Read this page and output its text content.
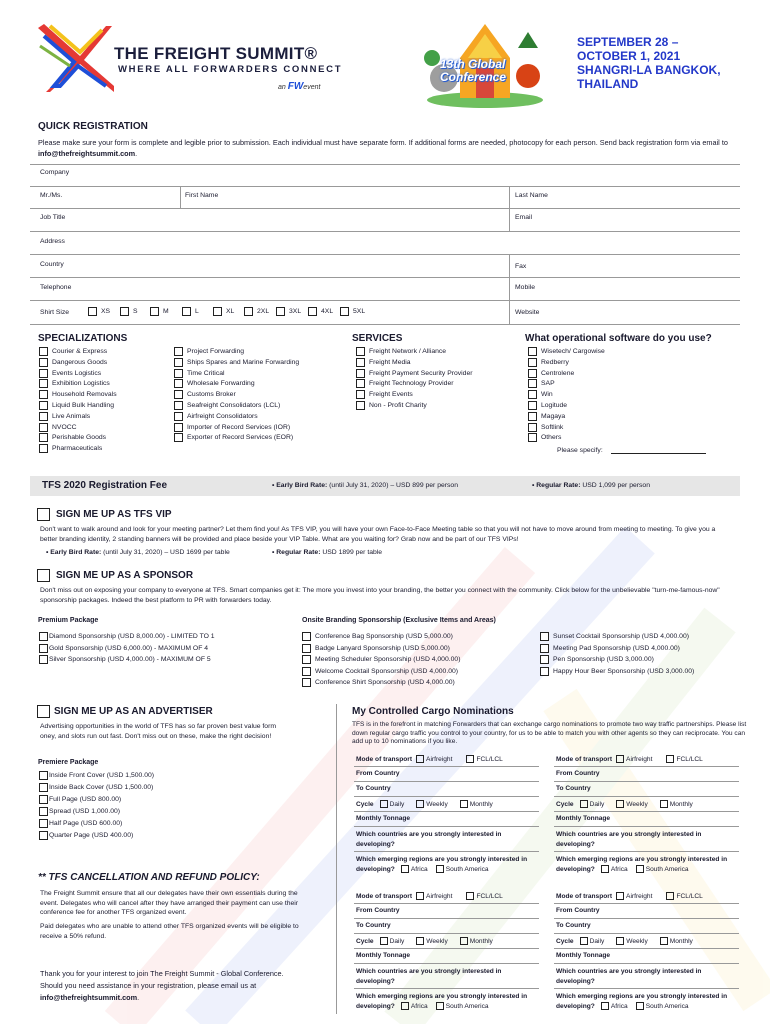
THE FREIGHT SUMMIT®
WHERE ALL FORWARDERS CONNECT
an FWevent
13th Global
Conference
SEPTEMBER 28 –
OCTOBER 1, 2021
SHANGRI-LA BANGKOK,
THAILAND
QUICK REGISTRATION
Please make sure your form is complete and legible prior to submission. Each individual must have separate form. If additional forms are needed, photocopy for each person. Send back registration form via email to info@thefreightsummit.com.
Company
Mr./Ms.	First Name	Last Name
Job Title	Email
Address
Country	Fax
Telephone	Mobile
Shirt Size	Website
XS	S	M	L	XL	2XL	3XL	4XL	5XL
SPECIALIZATIONS	SERVICES	What operational software do you use?
Courier & Express
Dangerous Goods
Events Logistics
Exhibition Logistics
Household Removals
Liquid Bulk Handling
Live Animals
NVOCC
Perishable Goods
Pharmaceuticals
Project Forwarding
Ships Spares and Marine Forwarding
Time Critical
Wholesale Forwarding
Customs Broker
Seafreight Consolidators (LCL)
Airfreight Consolidators
Importer of Record Services (IOR)
Exporter of Record Services (EOR)
Freight Network / Alliance
Freight Media
Freight Payment Security Provider
Freight Technology Provider
Freight Events
Non - Profit Charity
Wisetech/ Cargowise
Redberry
Centrolene
SAP
Win
Logitude
Magaya
Softlink
Others
Please specify:
TFS 2020 Registration Fee	• Early Bird Rate: (until July 31, 2020) – USD 899 per person	• Regular Rate: USD 1,099 per person
SIGN ME UP AS TFS VIP
Don't want to walk around and look for your meeting partner? Let them find you! As TFS VIP, you will have your own Face-to-Face Meeting table so that you will not have to move around from meeting to meeting. To give you a better branding identity, 2 standing banners will be provided and place beside your VIP Table. What are you waiting for? Grab now and be part of our TFS VIPs!
• Early Bird Rate: (until July 31, 2020) – USD 1699 per table	• Regular Rate: USD 1899 per table
SIGN ME UP AS A SPONSOR
Don't miss out on exposing your company to everyone at TFS. Smart companies get it: The more you invest into your branding, the better you connect with the community. Click below for the unbelievable "turn-me-famous-now" sponsorship packages. Indeed the best platform to PR with forwarders today.
Premium Package	Onsite Branding Sponsorship (Exclusive Items and Areas)
Diamond Sponsorship (USD 8,000.00) - LIMITED TO 1
Gold Sponsorship (USD 6,000.00) - MAXIMUM OF 4
Silver Sponsorship (USD 4,000.00) - MAXIMUM OF 5
Conference Bag Sponsorship (USD 5,000.00)
Badge Lanyard Sponsorship (USD 5,000.00)
Meeting Scheduler Sponsorship (USD 4,000.00)
Welcome Cocktail Sponsorship (USD 4,000.00)
Conference Shirt Sponsorship (USD 4,000.00)
Sunset Cocktail Sponsorship (USD 4,000.00)
Meeting Pad Sponsorship (USD 4,000.00)
Pen Sponsorship (USD 3,000.00)
Happy Hour Beer Sponsorship (USD 3,000.00)
SIGN ME UP AS AN ADVERTISER
Advertising opportunities in the world of TFS has so far proven best value form oney, and slots run out fast. Don't miss out on these, make the right decision!
Premiere Package
Inside Front Cover (USD 1,500.00)
Inside Back Cover (USD 1,500.00)
Full Page (USD 800.00)
Spread (USD 1,000.00)
Half Page (USD 600.00)
Quarter Page (USD 400.00)
** TFS CANCELLATION AND REFUND POLICY:
The Freight Summit ensure that all our delegates have their own essentials during the event. Delegates who will cancel after they have arranged their payment can use their conference fee for another TFS organized event.
Paid delegates who are unable to attend other TFS organized events will be eligible to receive a 50% refund.
Thank you for your interest to join The Freight Summit - Global Conference. Should you need assistance in your registration, please email us at info@thefreightsummit.com.
My Controlled Cargo Nominations
TFS is in the forefront in matching Forwarders that can exchange cargo nominations to promote two way traffic partnerships. Please list down regular cargo traffic you control to your country, for us to be able to match you with other agents so they can reciprocate. You can add up to 10 nominations if you like.
Mode of transport Airfreight	FCL/LCL
From Country
To Country
Cycle Daily	Weekly	Monthly
Monthly Tonnage
Which countries are you strongly interested in developing?
Which emerging regions are you strongly interested in developing? Africa	South America
Mode of transport Airfreight	FCL/LCL
From Country
To Country
Cycle Daily	Weekly	Monthly
Monthly Tonnage
Which countries are you strongly interested in developing?
Which emerging regions are you strongly interested in developing? Africa	South America
Mode of transport Airfreight	FCL/LCL
From Country
To Country
Cycle Daily	Weekly	Monthly
Monthly Tonnage
Which countries are you strongly interested in developing?
Which emerging regions are you strongly interested in developing? Africa	South America
Mode of transport Airfreight	FCL/LCL
From Country
To Country
Cycle Daily	Weekly	Monthly
Monthly Tonnage
Which countries are you strongly interested in developing?
Which emerging regions are you strongly interested in developing? Africa	South America
